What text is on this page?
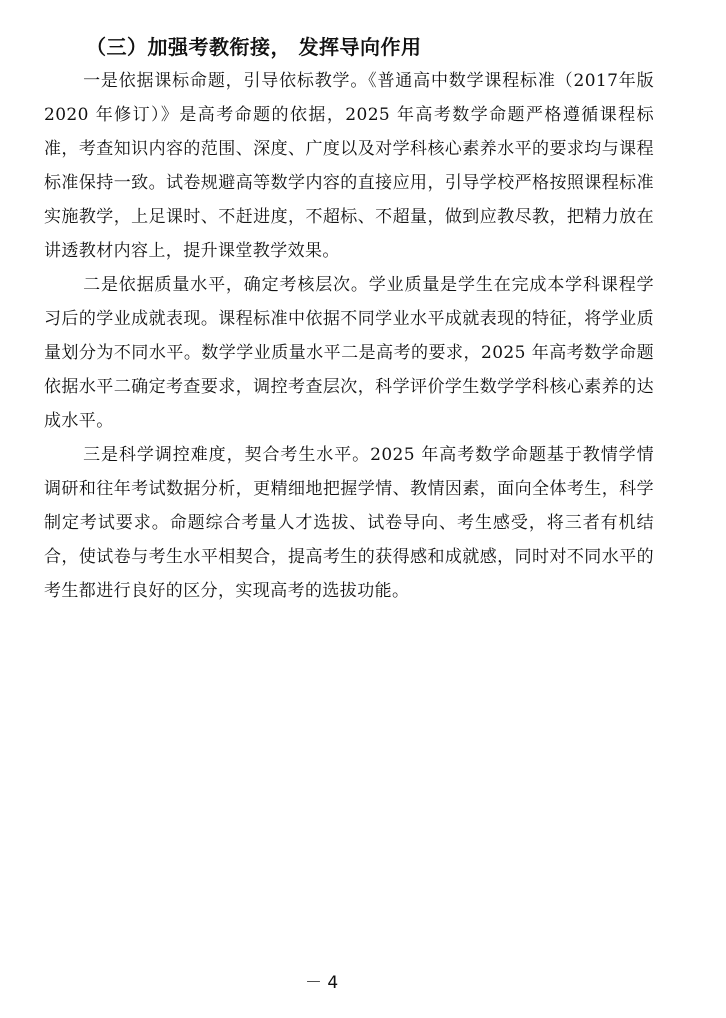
（三）加强考教衔接， 发挥导向作用

一是依据课标命题，引导依标教学。《普通高中数学课程标准（2017年版 2020 年修订）》是高考命题的依据，2025 年高考数学命题严格遵循课程标准，考查知识内容的范围、深度、广度以及对学科核心素养水平的要求均与课程标准保持一致。试卷规避高等数学内容的直接应用，引导学校严格按照课程标准实施教学，上足课时、不赶进度，不超标、不超量，做到应教尽教，把精力放在讲透教材内容上，提升课堂教学效果。

二是依据质量水平，确定考核层次。学业质量是学生在完成本学科课程学习后的学业成就表现。课程标准中依据不同学业水平成就表现的特征，将学业质量划分为不同水平。数学学业质量水平二是高考的要求，2025 年高考数学命题依据水平二确定考查要求，调控考查层次，科学评价学生数学学科核心素养的达成水平。

三是科学调控难度，契合考生水平。2025 年高考数学命题基于教情学情调研和往年考试数据分析，更精细地把握学情、教情因素，面向全体考生，科学制定考试要求。命题综合考量人才选拔、试卷导向、考生感受，将三者有机结合，使试卷与考生水平相契合，提高考生的获得感和成就感，同时对不同水平的考生都进行良好的区分，实现高考的选拔功能。

－ 4
